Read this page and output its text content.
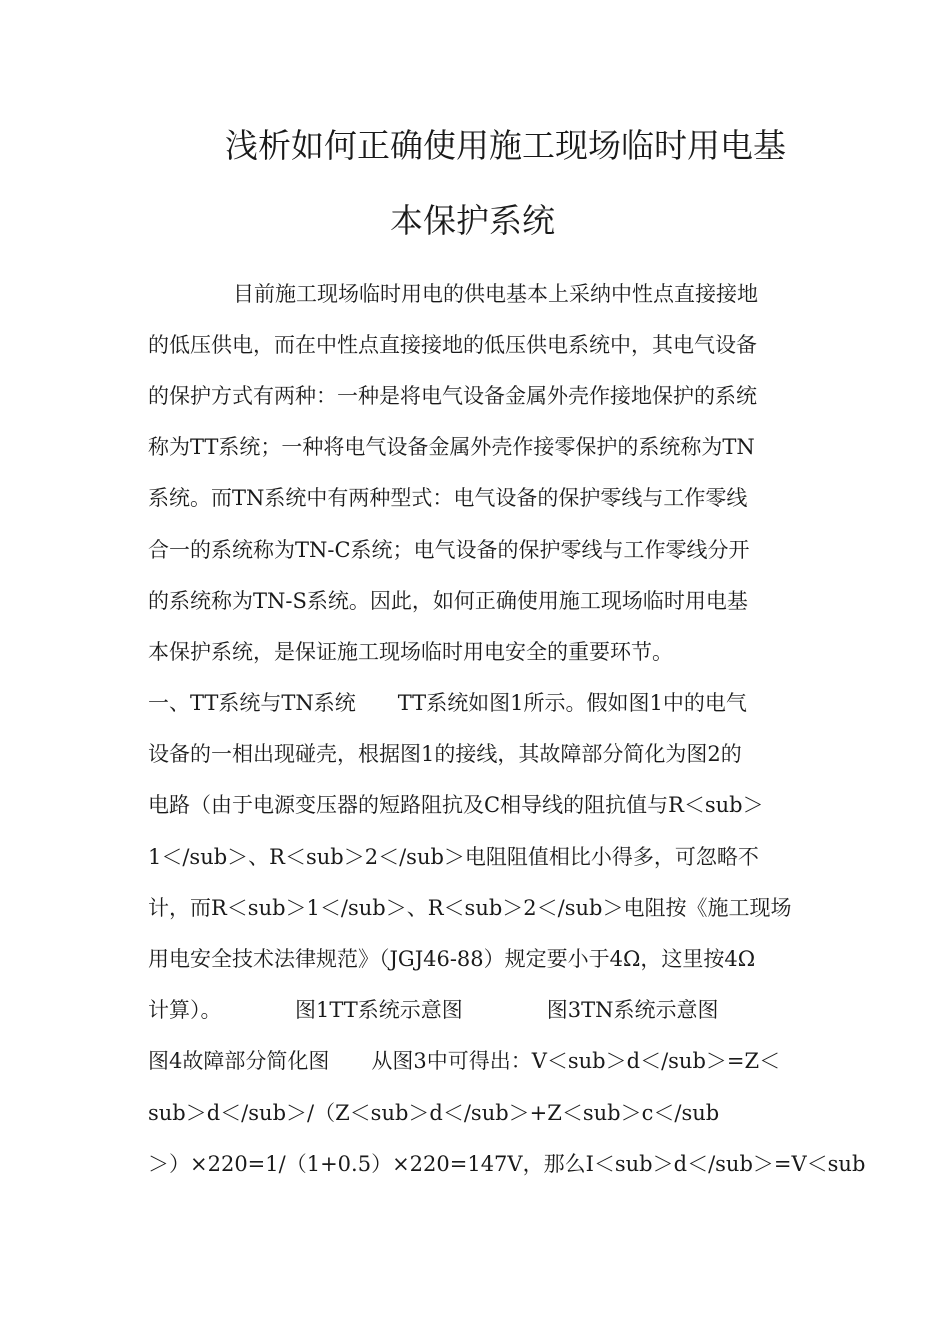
浅析如何正确使用施工现场临时用电基
本保护系统
目前施工现场临时用电的供电基本上采纳中性点直接接地
的低压供电，而在中性点直接接地的低压供电系统中，其电气设备
的保护方式有两种：一种是将电气设备金属外壳作接地保护的系统
称为TT系统；一种将电气设备金属外壳作接零保护的系统称为TN
系统。而TN系统中有两种型式：电气设备的保护零线与工作零线
合一的系统称为TN-C系统；电气设备的保护零线与工作零线分开
的系统称为TN-S系统。因此，如何正确使用施工现场临时用电基
本保护系统，是保证施工现场临时用电安全的重要环节。
一、TT系统与TN系统　　TT系统如图1所示。假如图1中的电气
设备的一相出现碰壳，根据图1的接线，其故障部分简化为图2的
电路（由于电源变压器的短路阻抗及C相导线的阻抗值与R＜sub＞
1＜/sub＞、R＜sub＞2＜/sub＞电阻阻值相比小得多，可忽略不
计，而R＜sub＞1＜/sub＞、R＜sub＞2＜/sub＞电阻按《施工现场
用电安全技术法律规范》（JGJ46-88）规定要小于4Ω，这里按4Ω
计算）。　　　　图1TT系统示意图　　　　图3TN系统示意图
图4故障部分简化图　　从图3中可得出：V＜sub＞d＜/sub＞=Z＜
sub＞d＜/sub＞/（Z＜sub＞d＜/sub＞+Z＜sub＞c＜/sub
＞）×220=1/（1+0.5）×220=147V，那么I＜sub＞d＜/sub＞=V＜sub
